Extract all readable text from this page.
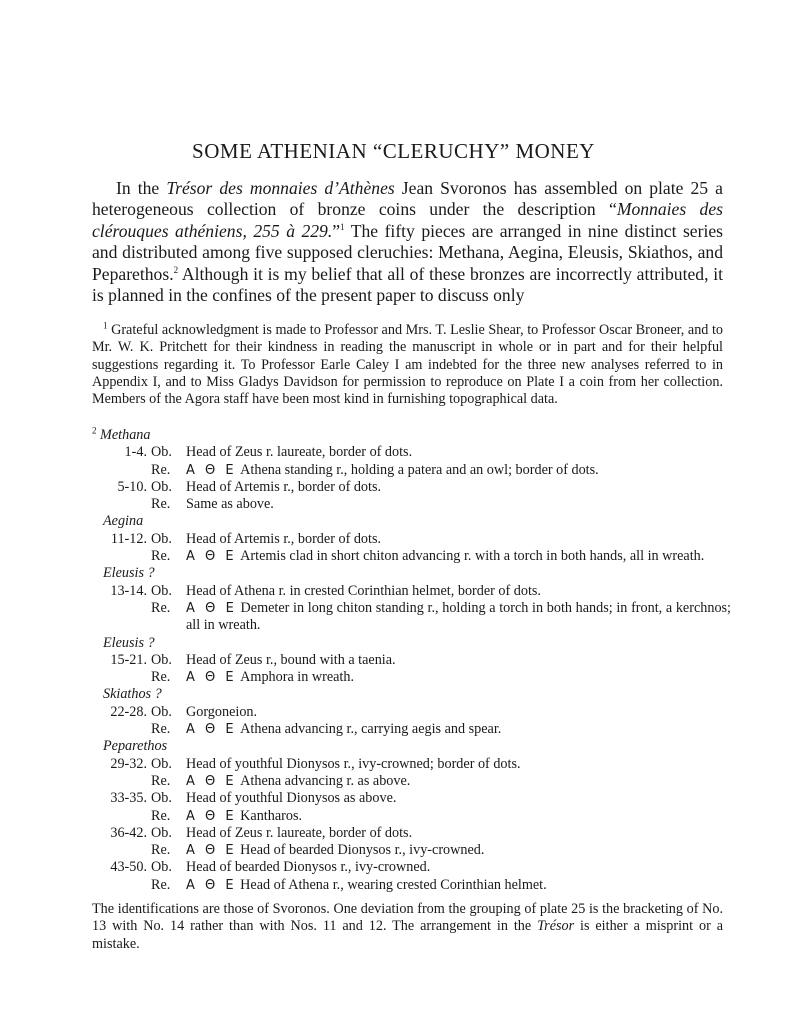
SOME ATHENIAN “CLERUCHY” MONEY

In the Trésor des monnaies d’Athènes Jean Svoronos has assembled on plate 25 a heterogeneous collection of bronze coins under the description “Monnaies des clérouques athéniens, 255 à 229.”$^1$ The fifty pieces are arranged in nine distinct series and distributed among five supposed cleruchies: Methana, Aegina, Eleusis, Skiathos, and Peparethos.$^2$ Although it is my belief that all of these bronzes are incorrectly attributed, it is planned in the confines of the present paper to discuss only

$^1$ Grateful acknowledgment is made to Professor and Mrs. T. Leslie Shear, to Professor Oscar Broneer, and to Mr. W. K. Pritchett for their kindness in reading the manuscript in whole or in part and for their helpful suggestions regarding it. To Professor Earle Caley I am indebted for the three new analyses referred to in Appendix I, and to Miss Gladys Davidson for permission to reproduce on Plate I a coin from her collection. Members of the Agora staff have been most kind in furnishing topographical data.
$^2$ Methana
1-4. Ob. Head of Zeus r. laureate, border of dots.
Re.	Α Θ Ε Athena standing r., holding a patera and an owl; border of dots.
5-10. Ob. Head of Artemis r., border of dots.
Re.	Same as above.
Aegina
11-12. Ob. Head of Artemis r., border of dots.
Re.	Α Θ Ε Artemis clad in short chiton advancing r. with a torch in both hands, all in wreath.
Eleusis ?
13-14. Ob. Head of Athena r. in crested Corinthian helmet, border of dots.
Re.	Α Θ Ε Demeter in long chiton standing r., holding a torch in both hands; in front, a kerchnos; all in wreath.
Eleusis ?
15-21. Ob. Head of Zeus r., bound with a taenia.
Re.	Α Θ Ε Amphora in wreath.
Skiathos ?
22-28. Ob. Gorgoneion.
Re.	Α Θ Ε Athena advancing r., carrying aegis and spear.
Peparethos
29-32. Ob. Head of youthful Dionysos r., ivy-crowned; border of dots.
Re.	Α Θ Ε Athena advancing r. as above.
33-35. Ob. Head of youthful Dionysos as above.
Re.	Α Θ Ε Kantharos.
36-42. Ob. Head of Zeus r. laureate, border of dots.
Re.	Α Θ Ε Head of bearded Dionysos r., ivy-crowned.
43-50. Ob. Head of bearded Dionysos r., ivy-crowned.
Re.	Α Θ Ε Head of Athena r., wearing crested Corinthian helmet.
The identifications are those of Svoronos. One deviation from the grouping of plate 25 is the bracketing of No. 13 with No. 14 rather than with Nos. 11 and 12. The arrangement in the Trésor is either a misprint or a mistake.
